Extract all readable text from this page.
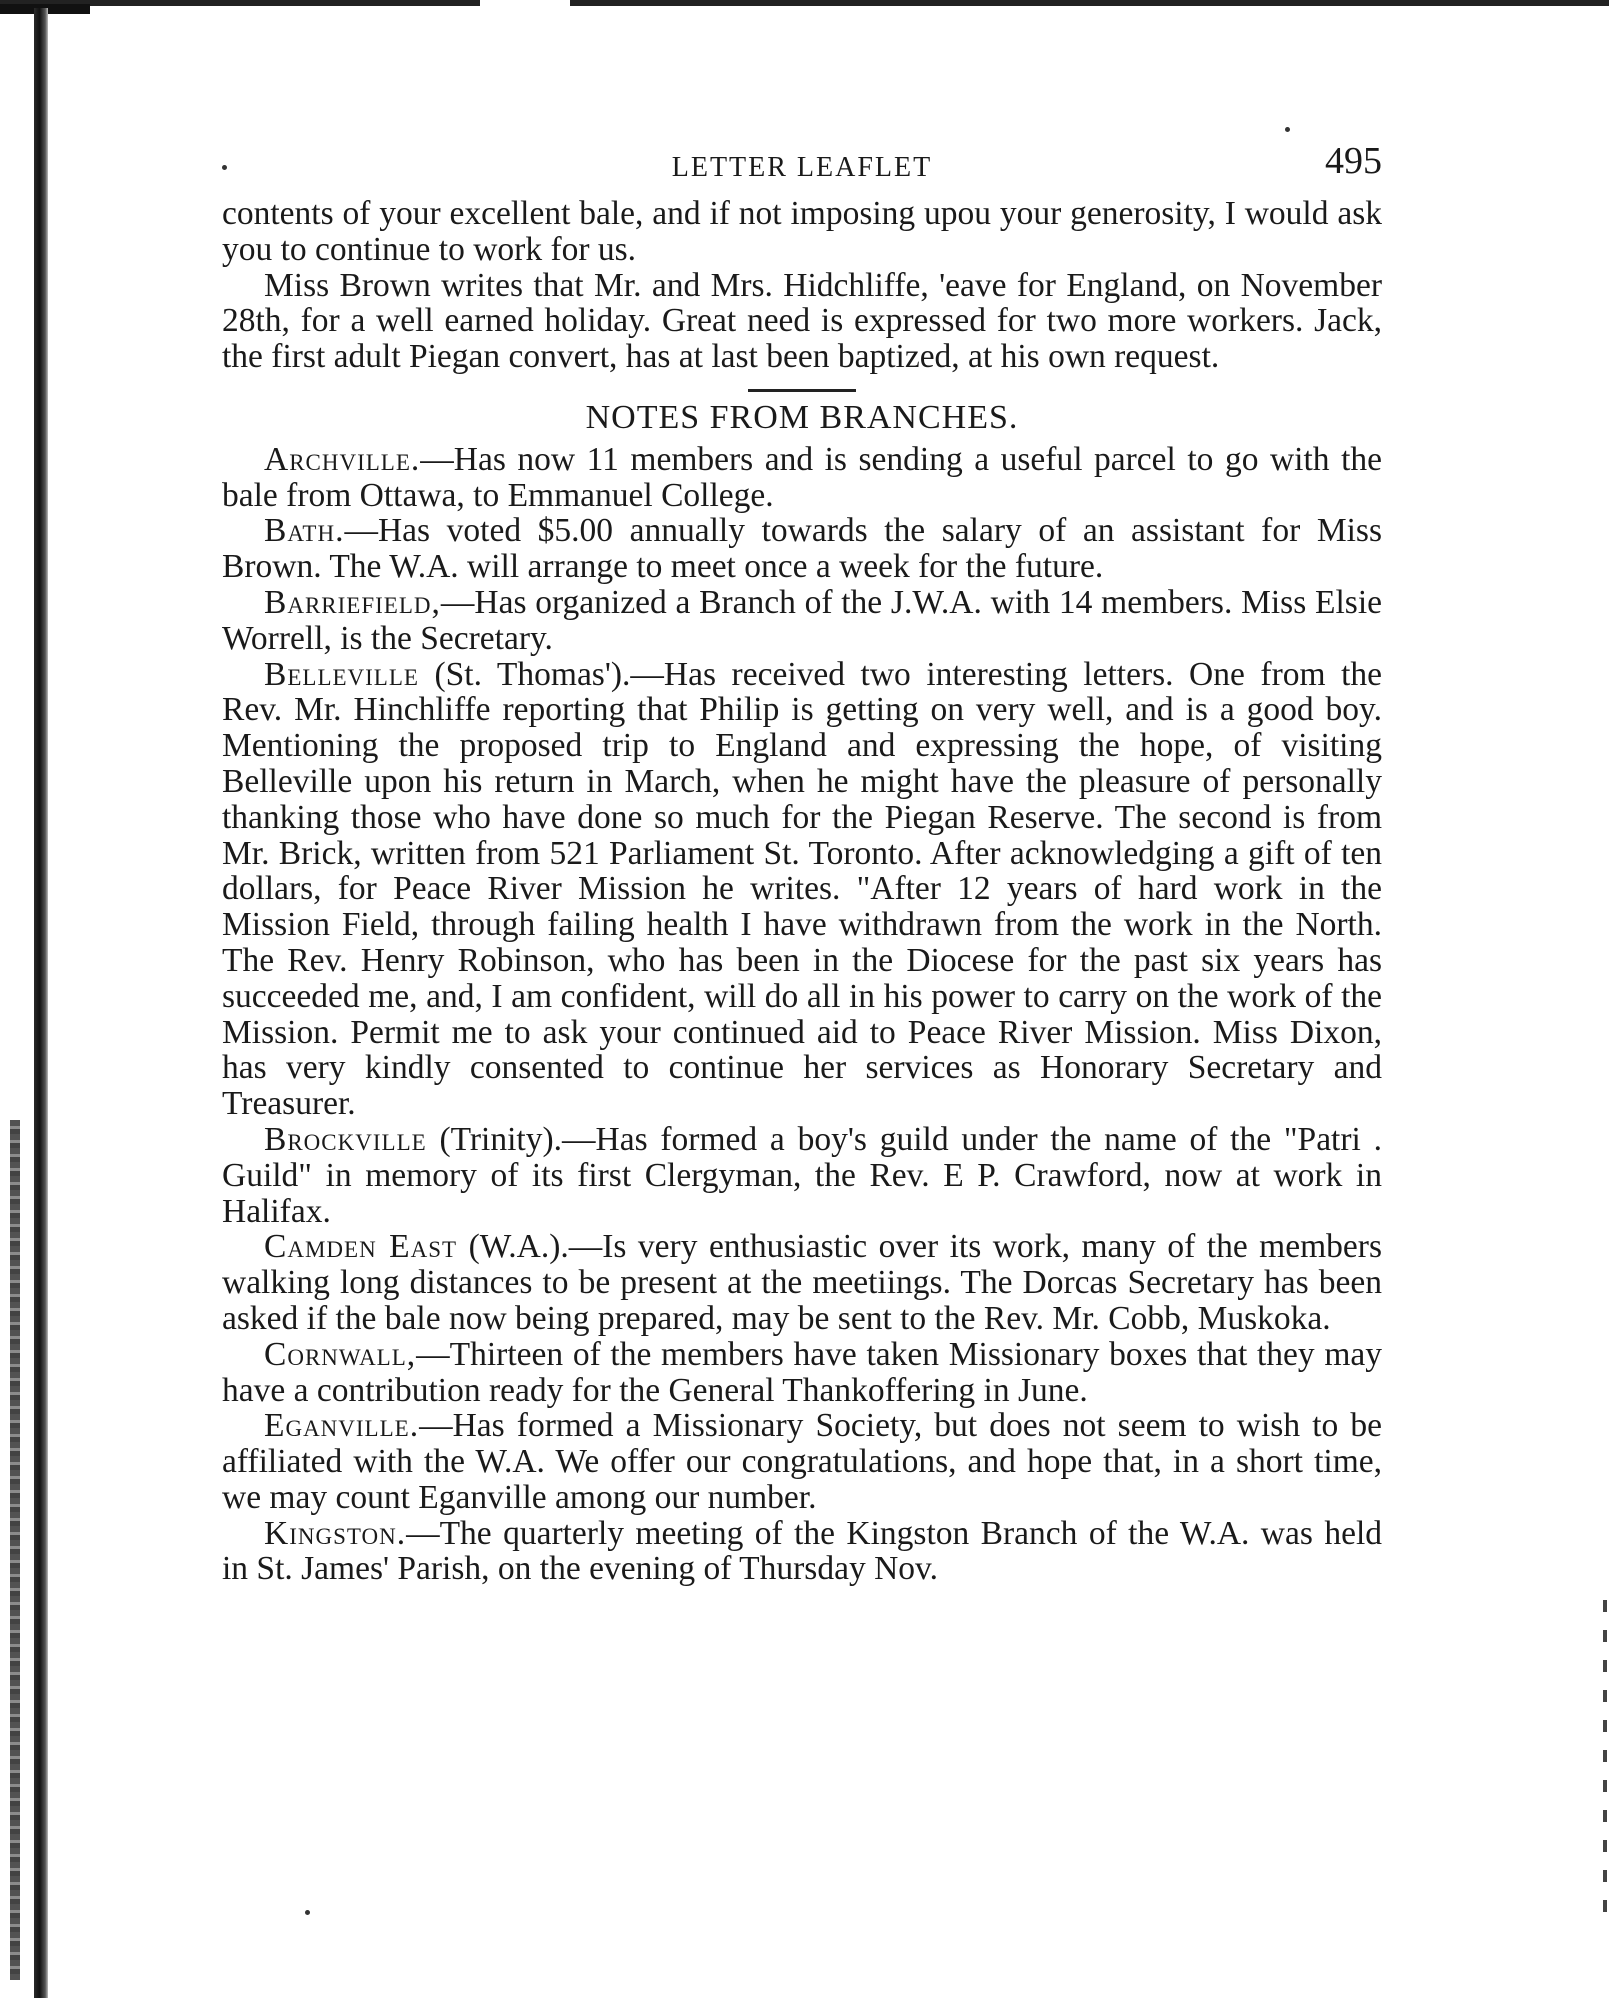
LETTER LEAFLET	495

contents of your excellent bale, and if not imposing upou your generosity, I would ask you to continue to work for us.

Miss Brown writes that Mr. and Mrs. Hidchliffe, 'eave for England, on November 28th, for a well earned holiday. Great need is expressed for two more workers. Jack, the first adult Piegan convert, has at last been baptized, at his own request.

NOTES FROM BRANCHES.

Archville.—Has now 11 members and is sending a useful parcel to go with the bale from Ottawa, to Emmanuel College.

Bath.—Has voted $5.00 annually towards the salary of an assistant for Miss Brown. The W.A. will arrange to meet once a week for the future.

Barriefield,—Has organized a Branch of the J.W.A. with 14 members. Miss Elsie Worrell, is the Secretary.

Belleville (St. Thomas').—Has received two interesting letters. One from the Rev. Mr. Hinchliffe reporting that Philip is getting on very well, and is a good boy. Mentioning the proposed trip to England and expressing the hope, of visiting Belleville upon his return in March, when he might have the pleasure of personally thanking those who have done so much for the Piegan Reserve. The second is from Mr. Brick, written from 521 Parliament St. Toronto. After acknowledging a gift of ten dollars, for Peace River Mission he writes. "After 12 years of hard work in the Mission Field, through failing health I have withdrawn from the work in the North. The Rev. Henry Robinson, who has been in the Diocese for the past six years has succeeded me, and, I am confident, will do all in his power to carry on the work of the Mission. Permit me to ask your continued aid to Peace River Mission. Miss Dixon, has very kindly consented to continue her services as Honorary Secretary and Treasurer.

Brockville (Trinity).—Has formed a boy's guild under the name of the "Patri . Guild" in memory of its first Clergyman, the Rev. E P. Crawford, now at work in Halifax.

Camden East (W.A.).—Is very enthusiastic over its work, many of the members walking long distances to be present at the meetiings. The Dorcas Secretary has been asked if the bale now being prepared, may be sent to the Rev. Mr. Cobb, Muskoka.

Cornwall,—Thirteen of the members have taken Missionary boxes that they may have a contribution ready for the General Thankoffering in June.

Eganville.—Has formed a Missionary Society, but does not seem to wish to be affiliated with the W.A. We offer our congratulations, and hope that, in a short time, we may count Eganville among our number.

Kingston.—The quarterly meeting of the Kingston Branch of the W.A. was held in St. James' Parish, on the evening of Thursday Nov.
